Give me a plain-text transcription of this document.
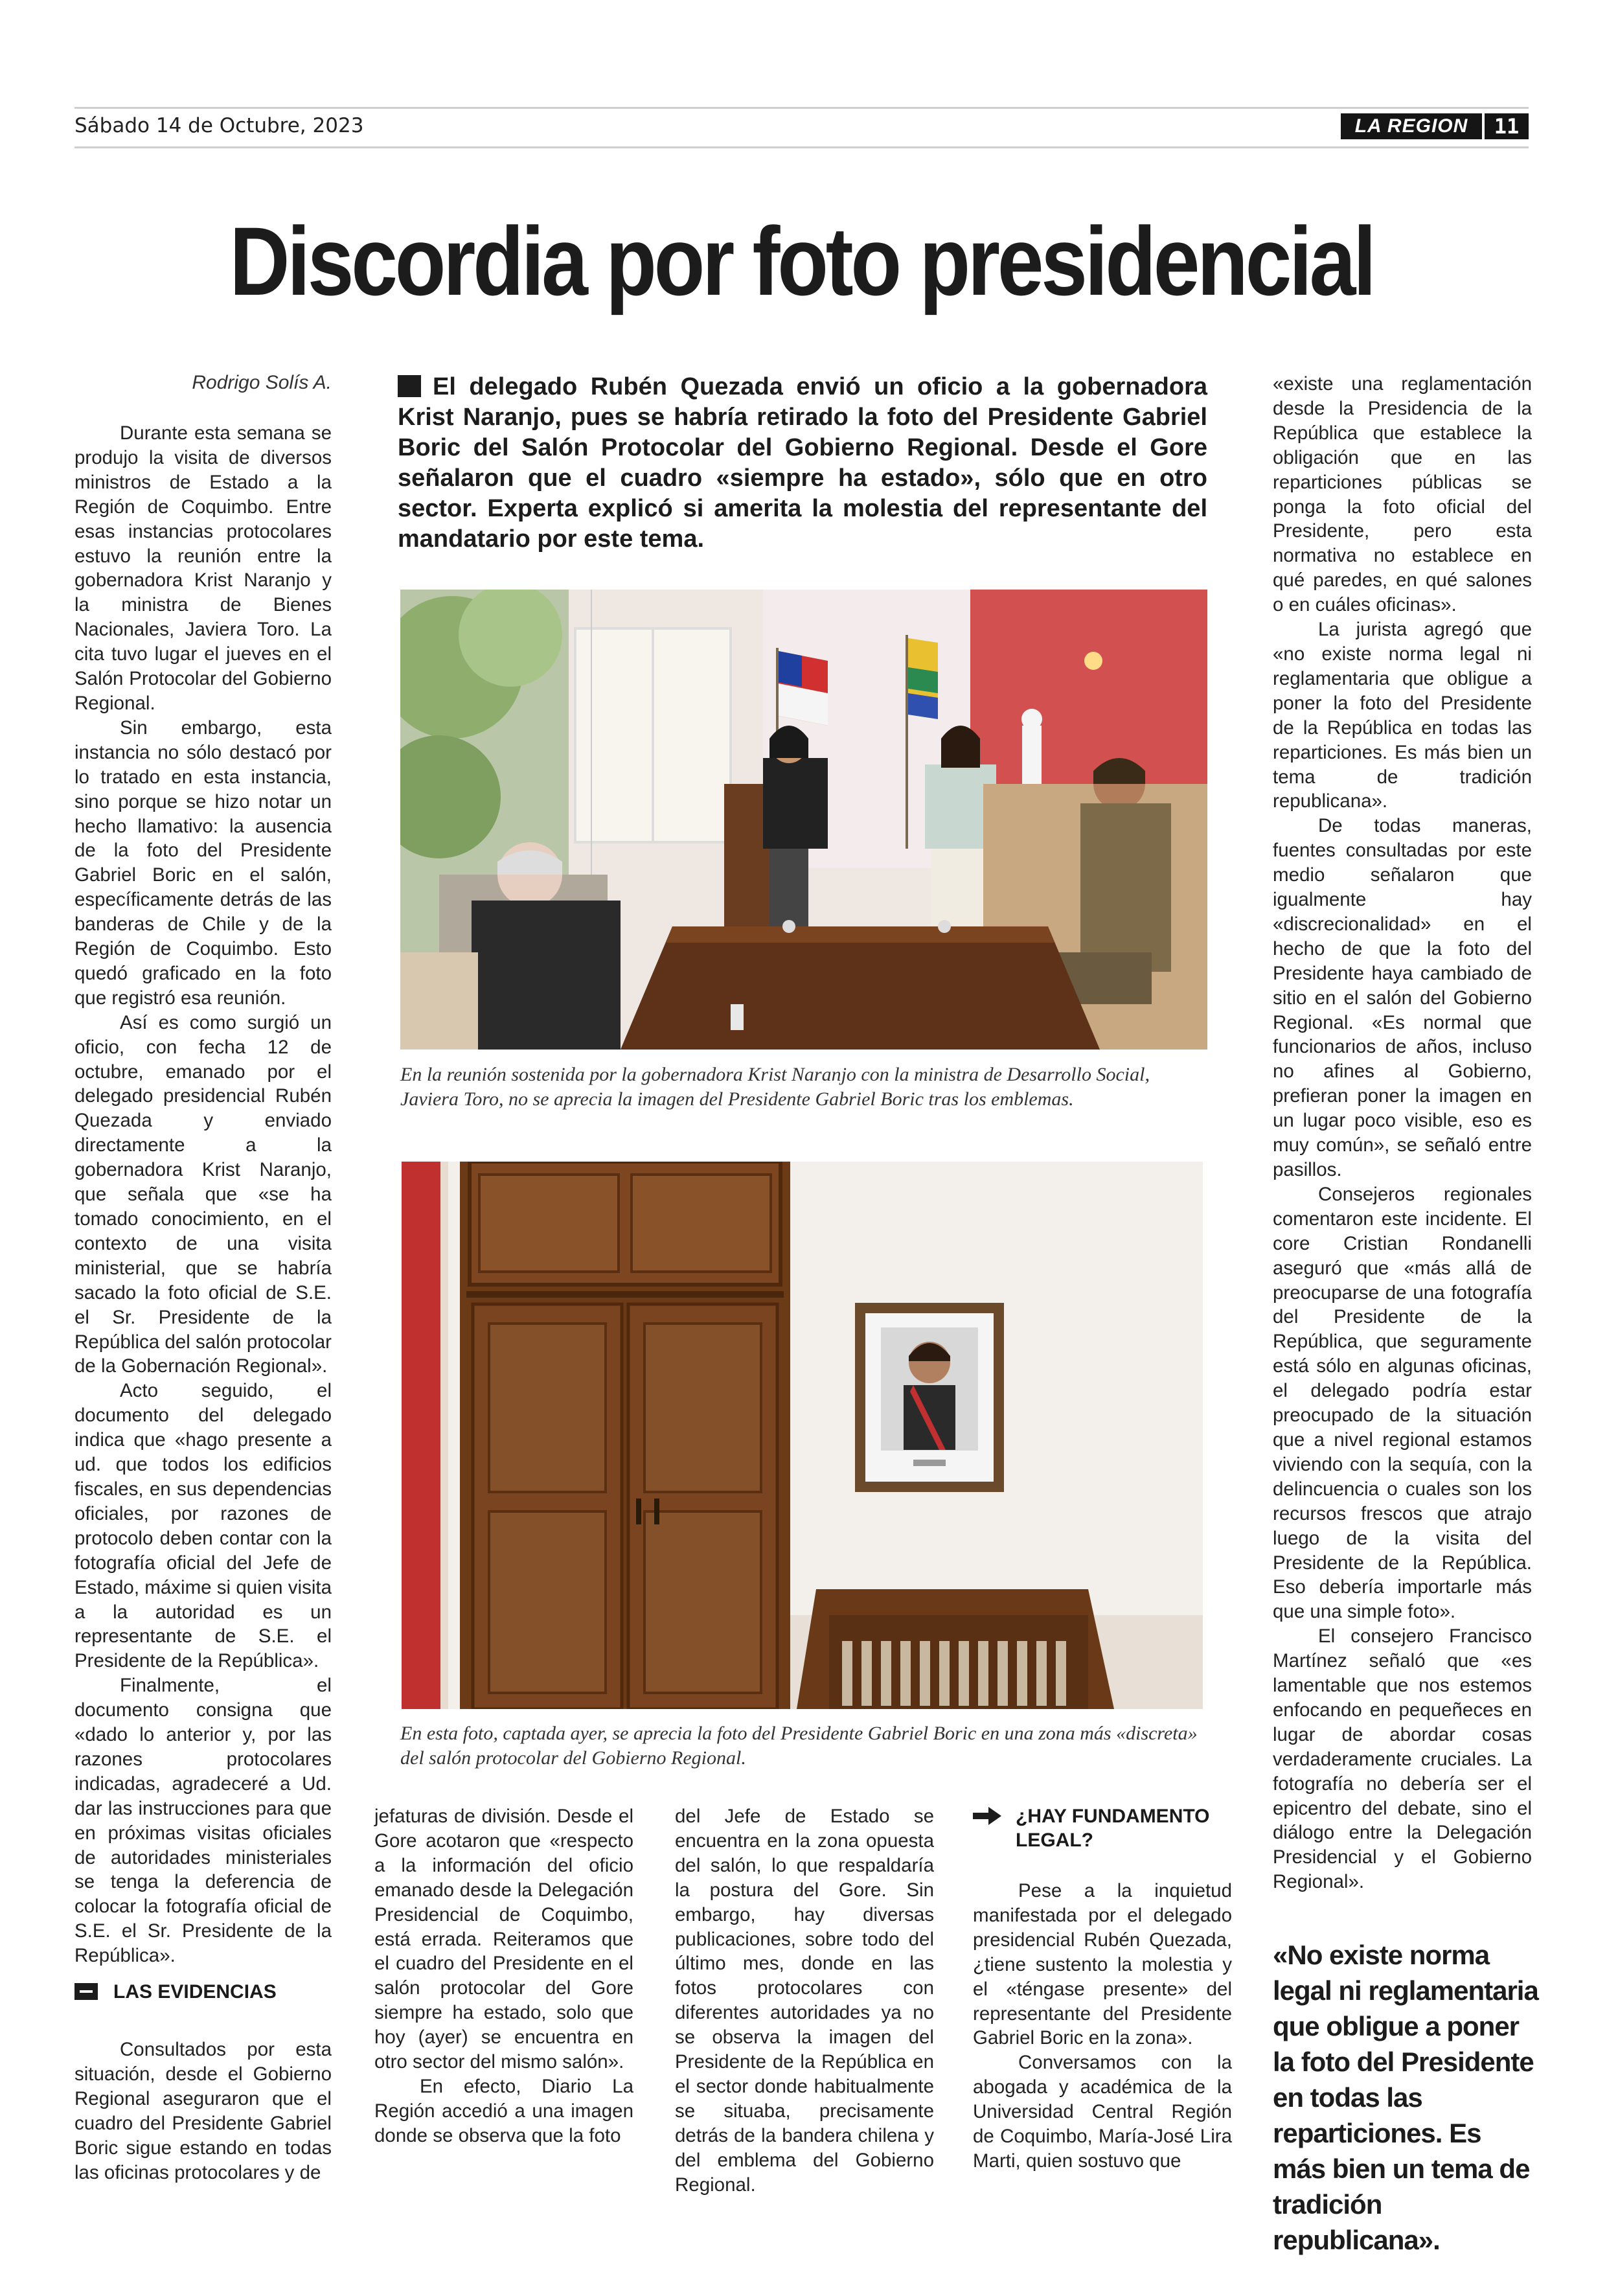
Sábado 14 de Octubre, 2023	LA REGION	11
Discordia por foto presidencial
Rodrigo Solís A.	El delegado Rubén Quezada envió un oficio a la gobernadora Krist Naranjo, pues se habría retirado la foto del Presidente Gabriel Boric del Salón Protocolar del Gobierno Regional. Desde el Gore señalaron que el cuadro «siempre ha estado», sólo que en otro sector. Experta explicó si amerita la molestia del representante del mandatario por este tema.

Durante esta semana se produjo la visita de diversos ministros de Estado a la Región de Coquimbo. Entre esas instancias protocolares estuvo la reunión entre la gobernadora Krist Naranjo y la ministra de Bienes Nacionales, Javiera Toro. La cita tuvo lugar el jueves en el Salón Protocolar del Gobierno Regional.

Sin embargo, esta instancia no sólo destacó por lo tratado en esta instancia, sino porque se hizo notar un hecho llamativo: la ausencia de la foto del Presidente Gabriel Boric en el salón, específicamente detrás de las banderas de Chile y de la Región de Coquimbo. Esto quedó graficado en la foto que registró esa reunión.

Así es como surgió un oficio, con fecha 12 de octubre, emanado por el delegado presidencial Rubén Quezada y enviado directamente a la gobernadora Krist Naranjo, que señala que «se ha tomado conocimiento, en el contexto de una visita ministerial, que se habría sacado la foto oficial de S.E. el Sr. Presidente de la República del salón protocolar de la Gobernación Regional».

Acto seguido, el documento del delegado indica que «hago presente a ud. que todos los edificios fiscales, en sus dependencias oficiales, por razones de protocolo deben contar con la fotografía oficial del Jefe de Estado, máxime si quien visita a la autoridad es un representante de S.E. el Presidente de la República».

Finalmente, el documento consigna que «dado lo anterior y, por las razones protocolares indicadas, agradeceré a Ud. dar las instrucciones para que en próximas visitas oficiales de autoridades ministeriales se tenga la deferencia de colocar la fotografía oficial de S.E. el Sr. Presidente de la República».

LAS EVIDENCIAS

Consultados por esta situación, desde el Gobierno Regional aseguraron que el cuadro del Presidente Gabriel Boric sigue estando en todas las oficinas protocolares y de

En la reunión sostenida por la gobernadora Krist Naranjo con la ministra de Desarrollo Social, Javiera Toro, no se aprecia la imagen del Presidente Gabriel Boric tras los emblemas.
En esta foto, captada ayer, se aprecia la foto del Presidente Gabriel Boric en una zona más «discreta» del salón protocolar del Gobierno Regional.

jefaturas de división. Desde el Gore acotaron que «respecto a la información del oficio emanado desde la Delegación Presidencial de Coquimbo, está errada. Reiteramos que el cuadro del Presidente en el salón protocolar del Gore siempre ha estado, solo que hoy (ayer) se encuentra en otro sector del mismo salón».

En efecto, Diario La Región accedió a una imagen donde se observa que la foto

del Jefe de Estado se encuentra en la zona opuesta del salón, lo que respaldaría la postura del Gore. Sin embargo, hay diversas publicaciones, sobre todo del último mes, donde en las fotos protocolares con diferentes autoridades ya no se observa la imagen del Presidente de la República en el sector donde habitualmente se situaba, precisamente detrás de la bandera chilena y del emblema del Gobierno Regional.

¿HAY FUNDAMENTO LEGAL?

Pese a la inquietud manifestada por el delegado presidencial Rubén Quezada, ¿tiene sustento la molestia y el «téngase presente» del representante del Presidente Gabriel Boric en la zona».

Conversamos con la abogada y académica de la Universidad Central Región de Coquimbo, María-José Lira Marti, quien sostuvo que

«existe una reglamentación desde la Presidencia de la República que establece la obligación que en las reparticiones públicas se ponga la foto oficial del Presidente, pero esta normativa no establece en qué paredes, en qué salones o en cuáles oficinas».

La jurista agregó que «no existe norma legal ni reglamentaria que obligue a poner la foto del Presidente de la República en todas las reparticiones. Es más bien un tema de tradición republicana».

De todas maneras, fuentes consultadas por este medio señalaron que igualmente hay «discrecionalidad» en el hecho de que la foto del Presidente haya cambiado de sitio en el salón del Gobierno Regional. «Es normal que funcionarios de años, incluso no afines al Gobierno, prefieran poner la imagen en un lugar poco visible, eso es muy común», se señaló entre pasillos.

Consejeros regionales comentaron este incidente. El core Cristian Rondanelli aseguró que «más allá de preocuparse de una fotografía del Presidente de la República, que seguramente está sólo en algunas oficinas, el delegado podría estar preocupado de la situación que a nivel regional estamos viviendo con la sequía, con la delincuencia o cuales son los recursos frescos que atrajo luego de la visita del Presidente de la República. Eso debería importarle más que una simple foto».

El consejero Francisco Martínez señaló que «es lamentable que nos estemos enfocando en pequeñeces en lugar de abordar cosas verdaderamente cruciales. La fotografía no debería ser el epicentro del debate, sino el diálogo entre la Delegación Presidencial y el Gobierno Regional».

«No existe norma legal ni reglamentaria que obligue a poner la foto del Presidente en todas las reparticiones. Es más bien un tema de tradición republicana».
